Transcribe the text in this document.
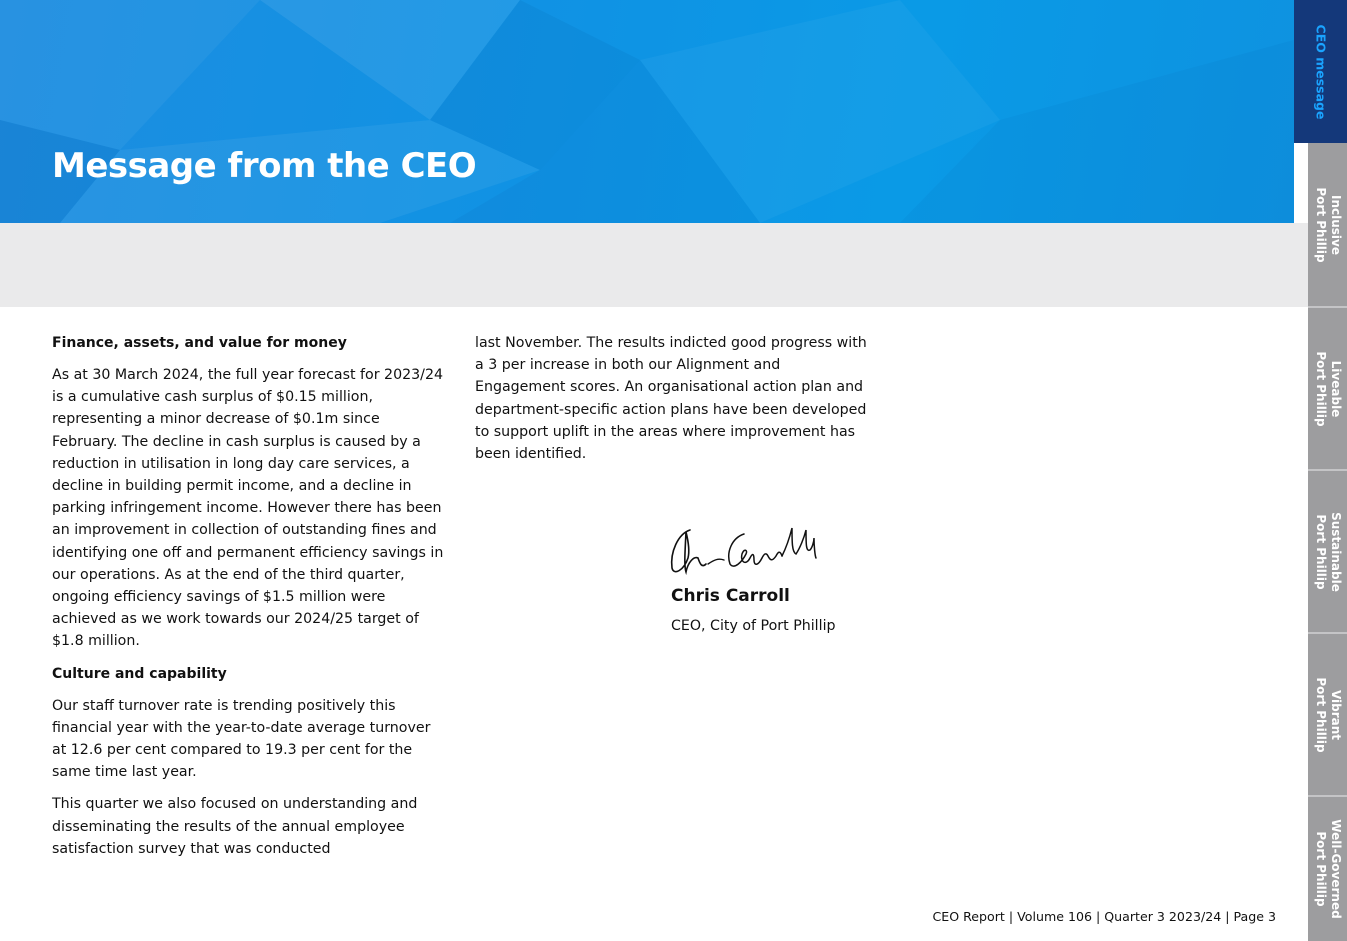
Message from the CEO
CEO message
Inclusive
Port Phillip
Liveable
Port Phillip
Sustainable
Port Phillip
Vibrant
Port Phillip
Well-Governed
Port Phillip
Finance, assets, and value for money

As at 30 March 2024, the full year forecast for 2023/24 is a cumulative cash surplus of $0.15 million, representing a minor decrease of $0.1m since February. The decline in cash surplus is caused by a reduction in utilisation in long day care services, a decline in building permit income, and a decline in parking infringement income. However there has been an improvement in collection of outstanding fines and identifying one off and permanent efficiency savings in our operations. As at the end of the third quarter, ongoing efficiency savings of $1.5 million were achieved as we work towards our 2024/25 target of $1.8 million.

Culture and capability

Our staff turnover rate is trending positively this financial year with the year-to-date average turnover at 12.6 per cent compared to 19.3 per cent for the same time last year.

This quarter we also focused on understanding and disseminating the results of the annual employee satisfaction survey that was conducted

last November. The results indicted good progress with a 3 per increase in both our Alignment and Engagement scores. An organisational action plan and department-specific action plans have been developed to support uplift in the areas where improvement has been identified.

Chris Carroll

CEO, City of Port Phillip

CEO Report | Volume 106 | Quarter 3 2023/24 | Page 3
